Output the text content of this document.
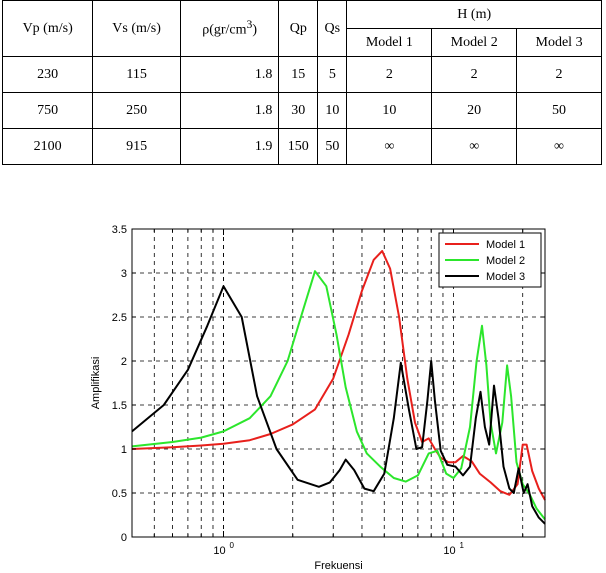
Vp (m/s)	Vs (m/s)	$\rho(gr/cm^3)$	Qp	Qs	H (m)		
					Model 1	Model 2	Model 3
230	115	1.8	15	5	2	2	2
750	250	1.8	30	10	10	20	50
2100	915	1.9	150	50	∞	∞	∞
0
0.5
1
1.5
2
2.5
3
3.5
10 0	10 1
Frekuensi
Amplifikasi
Model 1
Model 2
Model 3
